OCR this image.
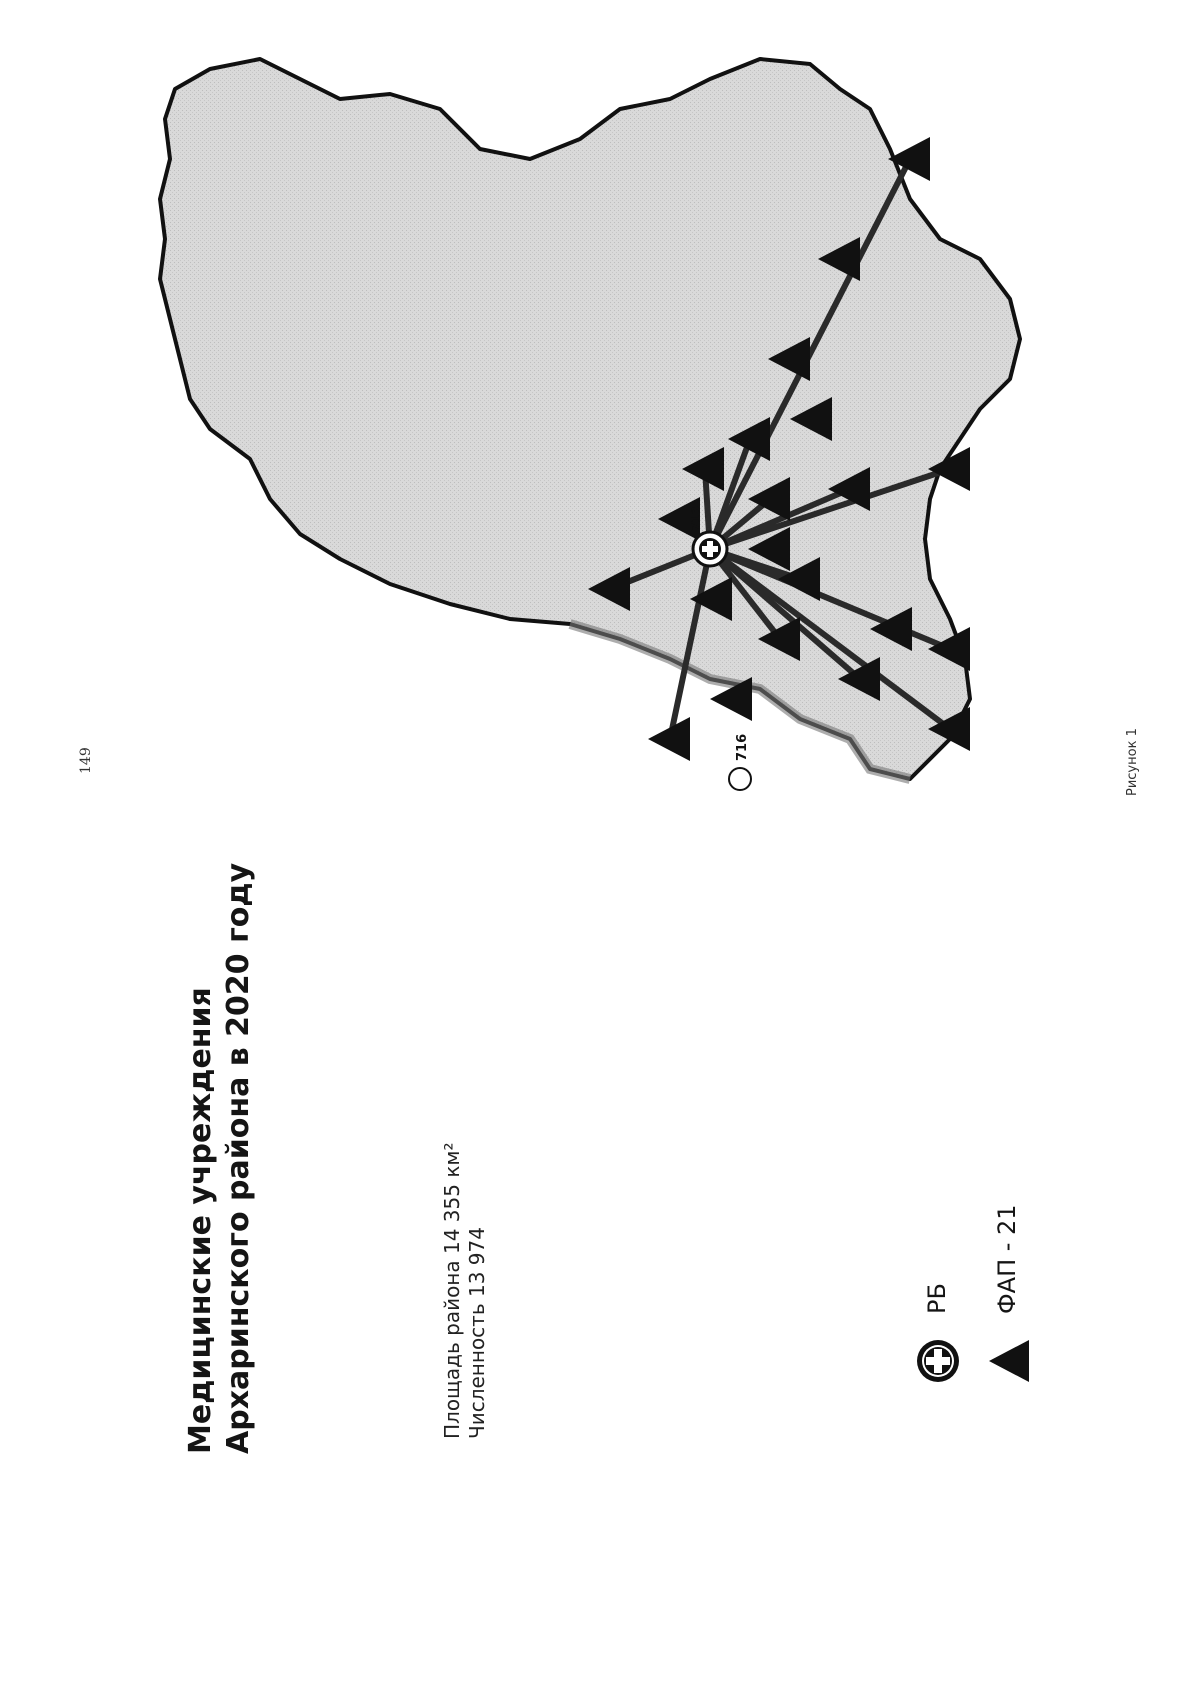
149
Медицинские учреждения Архаринского района в 2020 году	Площадь района 14 355 км² Численность 13 974	РБ ФАП - 21
716
713
Рисунок 1
